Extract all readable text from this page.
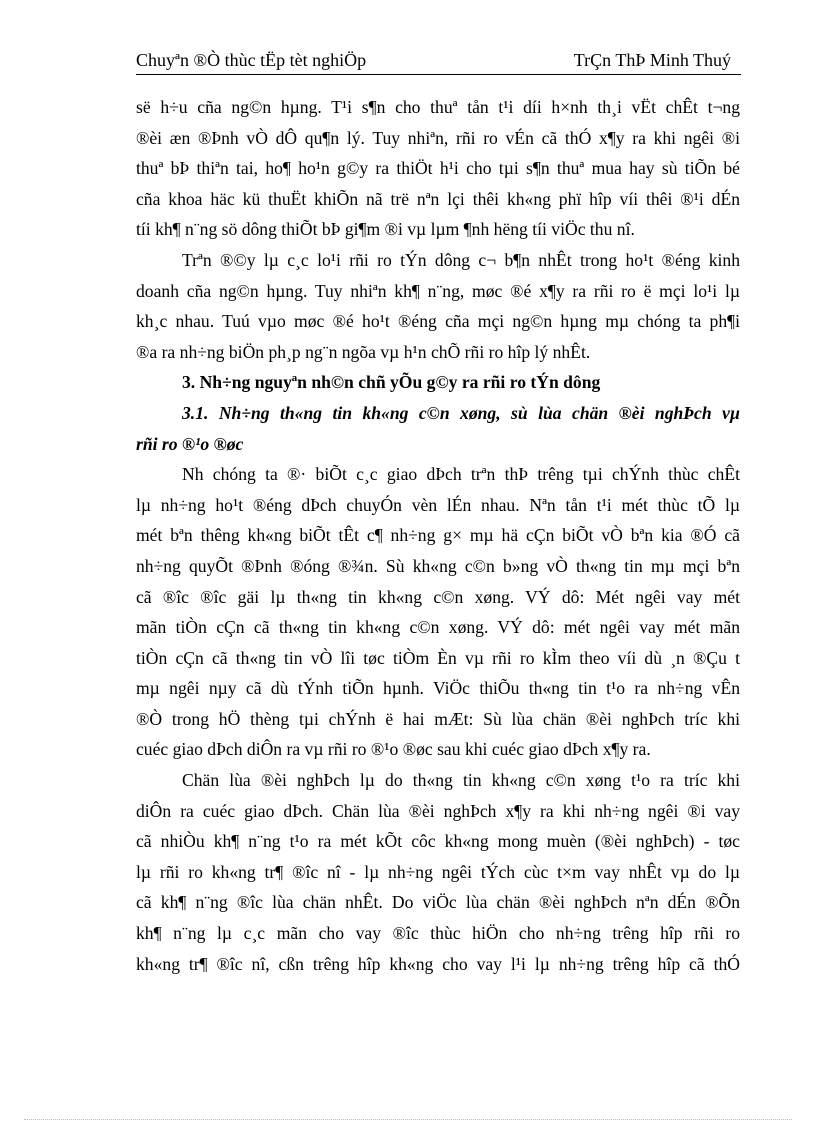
Chuyªn ®Ò thùc tËp tèt nghiÖp	TrÇn ThÞ Minh Thuý
së h÷u cña ng©n hµng. T¹i s¶n cho thuª tån t¹i díi h×nh th¸i vËt chÊt t¬ng
®èi æn ®Þnh vÒ dÔ qu¶n lý. Tuy nhiªn, rñi ro vÉn cã thÓ x¶y ra khi ngêi ®i
thuª bÞ thiªn tai, ho¶ ho¹n g©y ra thiÖt h¹i cho tµi s¶n thuª mua hay sù tiÕn bé
cña khoa häc kü thuËt khiÕn nã trë nªn lçi thêi kh«ng phï hîp víi thêi ®¹i dÉn
tíi kh¶ n¨ng sö dông thiÕt bÞ gi¶m ®i vµ lµm ¶nh hëng tíi viÖc thu nî.
Trªn ®©y lµ c¸c lo¹i rñi ro tÝn dông c¬ b¶n nhÊt trong ho¹t ®éng kinh
doanh cña ng©n hµng. Tuy nhiªn kh¶ n¨ng, møc ®é x¶y ra rñi ro ë mçi lo¹i lµ
kh¸c nhau. Tuú vµo møc ®é ho¹t ®éng cña mçi ng©n hµng mµ chóng ta ph¶i
®a ra nh÷ng biÖn ph¸p ng¨n ngõa vµ h¹n chÕ rñi ro hîp lý nhÊt.
3. Nh÷ng nguyªn nh©n chñ yÕu g©y ra rñi ro tÝn dông
3.1. Nh÷ng th«ng tin kh«ng c©n xøng, sù lùa chän ®èi nghÞch vµ
rñi ro ®¹o ®øc
Nh chóng ta ®· biÕt c¸c giao dÞch trªn thÞ trêng tµi chÝnh thùc chÊt
lµ nh÷ng ho¹t ®éng dÞch chuyÓn vèn lÉn nhau. Nªn tån t¹i mét thùc tÕ lµ
mét bªn thêng kh«ng biÕt tÊt c¶ nh÷ng g× mµ hä cÇn biÕt vÒ bªn kia ®Ó cã
nh÷ng quyÕt ®Þnh ®óng ®¾n. Sù kh«ng c©n b»ng vÒ th«ng tin mµ mçi bªn
cã ®îc ®îc gäi lµ th«ng tin kh«ng c©n xøng. VÝ dô: Mét ngêi vay mét
mãn tiÒn cÇn cã th«ng tin kh«ng c©n xøng. VÝ dô: mét ngêi vay mét mãn
tiÒn cÇn cã th«ng tin vÒ lîi tøc tiÒm Èn vµ rñi ro kÌm theo víi dù ¸n ®Çu t
mµ ngêi nµy cã dù tÝnh tiÕn hµnh. ViÖc thiÕu th«ng tin t¹o ra nh÷ng vÊn
®Ò trong hÖ thèng tµi chÝnh ë hai mÆt: Sù lùa chän ®èi nghÞch tríc khi
cuéc giao dÞch diÔn ra vµ rñi ro ®¹o ®øc sau khi cuéc giao dÞch x¶y ra.
Chän lùa ®èi nghÞch lµ do th«ng tin kh«ng c©n xøng t¹o ra tríc khi
diÔn ra cuéc giao dÞch. Chän lùa ®èi nghÞch x¶y ra khi nh÷ng ngêi ®i vay
cã nhiÒu kh¶ n¨ng t¹o ra mét kÕt côc kh«ng mong muèn (®èi nghÞch) - tøc
lµ rñi ro kh«ng tr¶ ®îc nî - lµ nh÷ng ngêi tÝch cùc t×m vay nhÊt vµ do lµ
cã kh¶ n¨ng ®îc lùa chän nhÊt. Do viÖc lùa chän ®èi nghÞch nªn dÉn ®Õn
kh¶ n¨ng lµ c¸c mãn cho vay ®îc thùc hiÖn cho nh÷ng trêng hîp rñi ro
kh«ng tr¶ ®îc nî, cßn trêng hîp kh«ng cho vay l¹i lµ nh÷ng trêng hîp cã thÓ
